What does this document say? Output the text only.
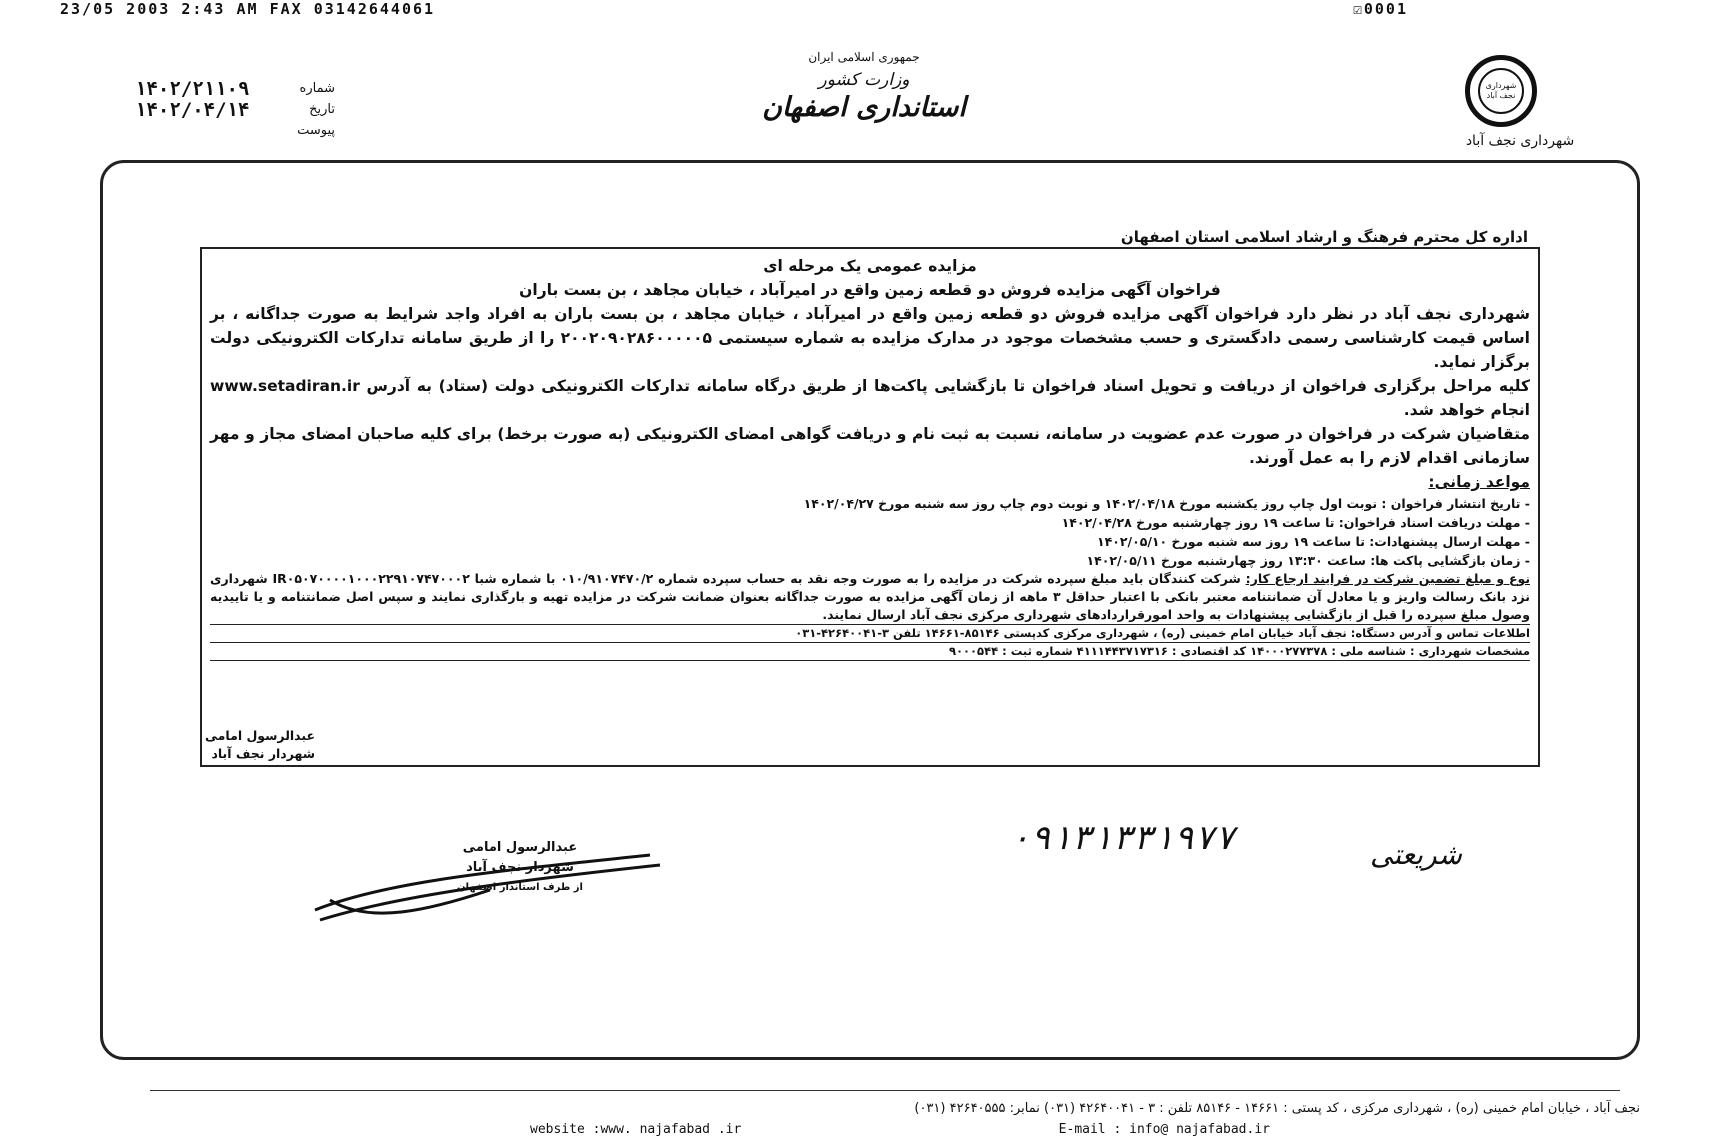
23/05 2003 2:43 AM FAX 03142644061	☑0001
جمهوری اسلامی ایران
وزارت کشور
استانداری اصفهان
شماره
۱۴۰۲/۲۱۱۰۹
تاریخ
۱۴۰۲/۰۴/۱۴
پیوست
شهرداری نجف آباد
شهرداری نجف آباد
اداره کل محترم فرهنگ و ارشاد اسلامی استان اصفهان

مزایده عمومی یک مرحله ای

فراخوان آگهی مزایده فروش دو قطعه زمین واقع در امیرآباد ، خیابان مجاهد ، بن بست باران

شهرداری نجف آباد در نظر دارد فراخوان آگهی مزایده فروش دو قطعه زمین واقع در امیرآباد ، خیابان مجاهد ، بن بست باران به افراد واجد شرایط به صورت جداگانه ، بر اساس قیمت کارشناسی رسمی دادگستری و حسب مشخصات موجود در مدارک مزایده به شماره سیستمی ۲۰۰۲۰۹۰۲۸۶۰۰۰۰۰۵ را از طریق سامانه تدارکات الکترونیکی دولت برگزار نماید.

کلیه مراحل برگزاری فراخوان از دریافت و تحویل اسناد فراخوان تا بازگشایی پاکت‌ها از طریق درگاه سامانه تدارکات الکترونیکی دولت (ستاد) به آدرس www.setadiran.ir انجام خواهد شد.

متقاضیان شرکت در فراخوان در صورت عدم عضویت در سامانه، نسبت به ثبت نام و دریافت گواهی امضای الکترونیکی (به صورت برخط) برای کلیه صاحبان امضای مجاز و مهر سازمانی اقدام لازم را به عمل آورند.

مواعد زمانی:

- تاریخ انتشار فراخوان : نوبت اول چاپ روز یکشنبه مورخ ۱۴۰۲/۰۴/۱۸ و نوبت دوم چاپ روز سه شنبه مورخ ۱۴۰۲/۰۴/۲۷
- مهلت دریافت اسناد فراخوان: تا ساعت ۱۹ روز چهارشنبه مورخ ۱۴۰۲/۰۴/۲۸
- مهلت ارسال پیشنهادات: تا ساعت ۱۹ روز سه شنبه مورخ ۱۴۰۲/۰۵/۱۰
- زمان بازگشایی پاکت ها: ساعت ۱۳:۳۰ روز چهارشنبه مورخ ۱۴۰۲/۰۵/۱۱

نوع و مبلغ تضمین شرکت در فرایند ارجاع کار: شرکت کنندگان باید مبلغ سپرده شرکت در مزایده را به صورت وجه نقد به حساب سپرده شماره ۰۱۰/۹۱۰۷۴۷۰/۲ با شماره شبا IR۰۵۰۷۰۰۰۰۱۰۰۰۲۲۹۱۰۷۴۷۰۰۰۲ شهرداری نزد بانک رسالت واریز و یا معادل آن ضمانتنامه معتبر بانکی با اعتبار حداقل ۳ ماهه از زمان آگهی مزایده به صورت جداگانه بعنوان ضمانت شرکت در مزایده تهیه و بارگذاری نمایند و سپس اصل ضمانتنامه و یا تاییدیه وصول مبلغ سپرده را قبل از بازگشایی پیشنهادات به واحد امورقراردادهای شهرداری مرکزی نجف آباد ارسال نمایند.

اطلاعات تماس و آدرس دستگاه: نجف آباد خیابان امام خمینی (ره) ، شهرداری مرکزی کدپستی ۸۵۱۴۶-۱۴۶۶۱ تلفن ۳-۴۲۶۴۰۰۴۱-۰۳۱
مشخصات شهرداری : شناسه ملی : ۱۴۰۰۰۲۷۷۳۷۸ کد اقتصادی : ۴۱۱۱۴۴۳۷۱۷۳۱۶ شماره ثبت : ۹۰۰۰۵۴۴
عبدالرسول امامی
شهردار نجف آباد
۰۹۱۳۱۳۳۱۹۷۷	شریعتی
عبدالرسول امامی
شهردار نجف آباد
از طرف استاندار اصفهان
نجف آباد ، خیابان امام خمینی (ره) ، شهرداری مرکزی ، کد پستی : ۱۴۶۶۱ - ۸۵۱۴۶ تلفن : ۳ - ۴۲۶۴۰۰۴۱ (۰۳۱) نمابر: ۴۲۶۴۰۵۵۵ (۰۳۱)
website :www. najafabad .ir	E-mail : info@ najafabad.ir
